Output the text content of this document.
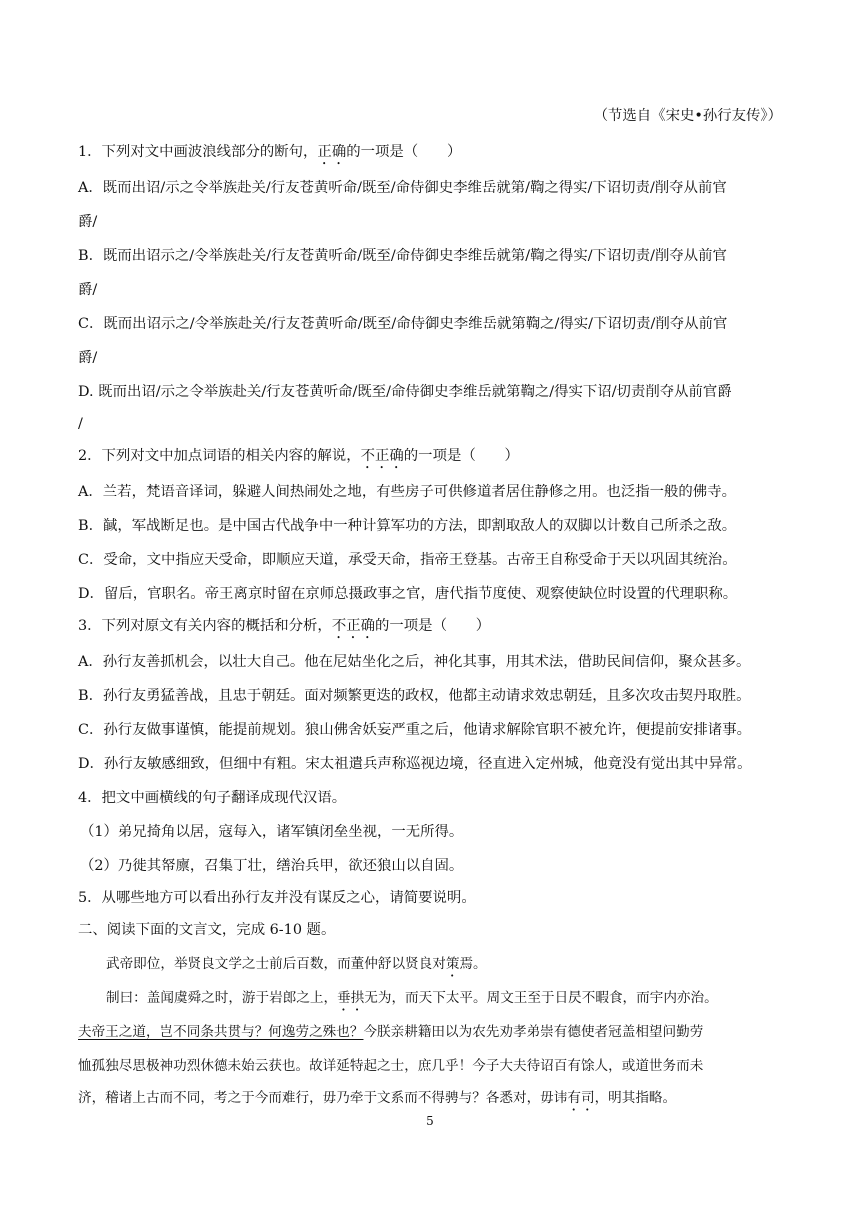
（节选自《宋史•孙行友传》）
1．下列对文中画波浪线部分的断句，正确的一项是（　　）
A．既而出诏/示之令举族赴关/行友苍黄听命/既至/命侍御史李维岳就第/鞫之得实/下诏切责/削夺从前官
爵/
B．既而出诏示之/令举族赴关/行友苍黄听命/既至/命侍御史李维岳就第/鞫之得实/下诏切责/削夺从前官
爵/
C．既而出诏示之/令举族赴关/行友苍黄听命/既至/命侍御史李维岳就第鞫之/得实/下诏切责/削夺从前官
爵/
D. 既而出诏/示之令举族赴关/行友苍黄听命/既至/命侍御史李维岳就第鞫之/得实下诏/切责削夺从前官爵
/
2．下列对文中加点词语的相关内容的解说，不正确的一项是（　　）
A．兰若，梵语音译词，躲避人间热闹处之地，有些房子可供修道者居住静修之用。也泛指一般的佛寺。
B．馘，军战断足也。是中国古代战争中一种计算军功的方法，即割取敌人的双脚以计数自己所杀之敌。
C．受命，文中指应天受命，即顺应天道，承受天命，指帝王登基。古帝王自称受命于天以巩固其统治。
D．留后，官职名。帝王离京时留在京师总摄政事之官，唐代指节度使、观察使缺位时设置的代理职称。
3．下列对原文有关内容的概括和分析，不正确的一项是（　　）
A．孙行友善抓机会，以壮大自己。他在尼姑坐化之后，神化其事，用其术法，借助民间信仰，聚众甚多。
B．孙行友勇猛善战，且忠于朝廷。面对频繁更迭的政权，他都主动请求效忠朝廷，且多次攻击契丹取胜。
C．孙行友做事谨慎，能提前规划。狼山佛舍妖妄严重之后，他请求解除官职不被允许，便提前安排诸事。
D．孙行友敏感细致，但细中有粗。宋太祖遣兵声称巡视边境，径直进入定州城，他竟没有觉出其中异常。
4．把文中画横线的句子翻译成现代汉语。
（1）弟兄掎角以居，寇每入，诸军镇闭垒坐视，一无所得。
（2）乃徙其帑廪，召集丁壮，缮治兵甲，欲还狼山以自固。
5．从哪些地方可以看出孙行友并没有谋反之心，请简要说明。
二、阅读下面的文言文，完成 6-10 题。
武帝即位，举贤良文学之士前后百数，而董仲舒以贤良对策焉。
制曰：盖闻虞舜之时，游于岩郎之上，垂拱无为，而天下太平。周文王至于日昃不暇食，而宇内亦治。
夫帝王之道，岂不同条共贯与？何逸劳之殊也？今朕亲耕籍田以为农先劝孝弟崇有德使者冠盖相望问勤劳
恤孤独尽思极神功烈休德未始云获也。故详延特起之士，庶几乎！今子大夫待诏百有馀人，或道世务而未
济，稽诸上古而不同，考之于今而难行，毋乃牵于文系而不得骋与？各悉对，毋讳有司，明其指略。
5
